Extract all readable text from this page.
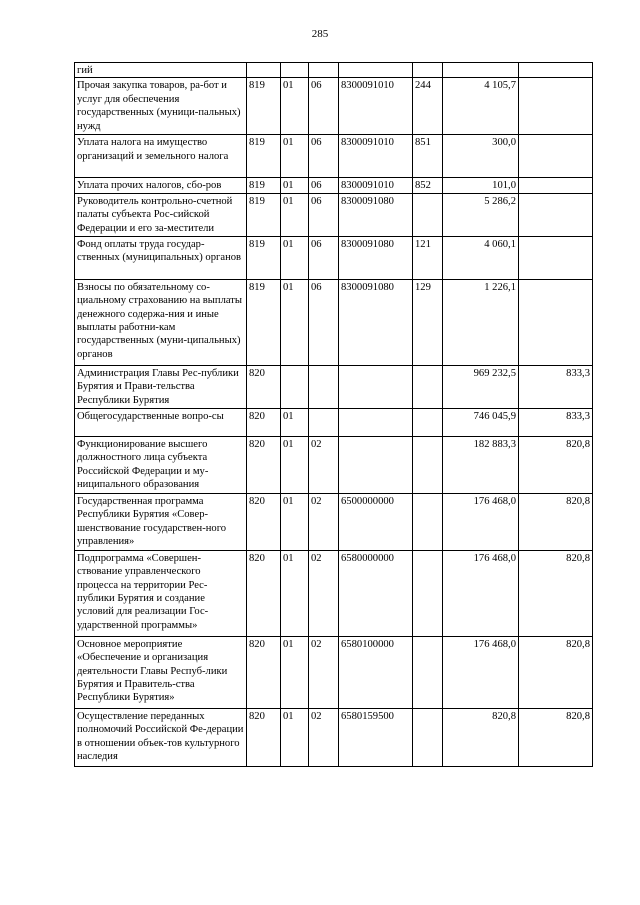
285
гий							
Прочая закупка товаров, ра-бот и услуг для обеспечения государственных (муници-пальных) нужд	819	01	06	8300091010	244	4 105,7	
Уплата налога на имущество организаций и земельного налога	819	01	06	8300091010	851	300,0	
Уплата прочих налогов, сбо-ров	819	01	06	8300091010	852	101,0	
Руководитель контрольно-счетной палаты субъекта Рос-сийской Федерации и его за-местители	819	01	06	8300091080		5 286,2	
Фонд оплаты труда государ-ственных (муниципальных) органов	819	01	06	8300091080	121	4 060,1	
Взносы по обязательному со-циальному страхованию на выплаты денежного содержа-ния и иные выплаты работни-кам государственных (муни-ципальных) органов	819	01	06	8300091080	129	1 226,1	
Администрация Главы Рес-публики Бурятия и Прави-тельства Республики Бурятия	820					969 232,5	833,3
Общегосударственные вопро-сы	820	01				746 045,9	833,3
Функционирование высшего должностного лица субъекта Российской Федерации и му-ниципального образования	820	01	02			182 883,3	820,8
Государственная программа Республики Бурятия «Совер-шенствование государствен-ного управления»	820	01	02	6500000000		176 468,0	820,8
Подпрограмма «Совершен-ствование управленческого процесса на территории Рес-публики Бурятия и создание условий для реализации Гос-ударственной программы»	820	01	02	6580000000		176 468,0	820,8
Основное мероприятие «Обеспечение и организация деятельности Главы Респуб-лики Бурятия и Правитель-ства Республики Бурятия»	820	01	02	6580100000		176 468,0	820,8
Осуществление переданных полномочий Российской Фе-дерации в отношении объек-тов культурного наследия	820	01	02	6580159500		820,8	820,8
